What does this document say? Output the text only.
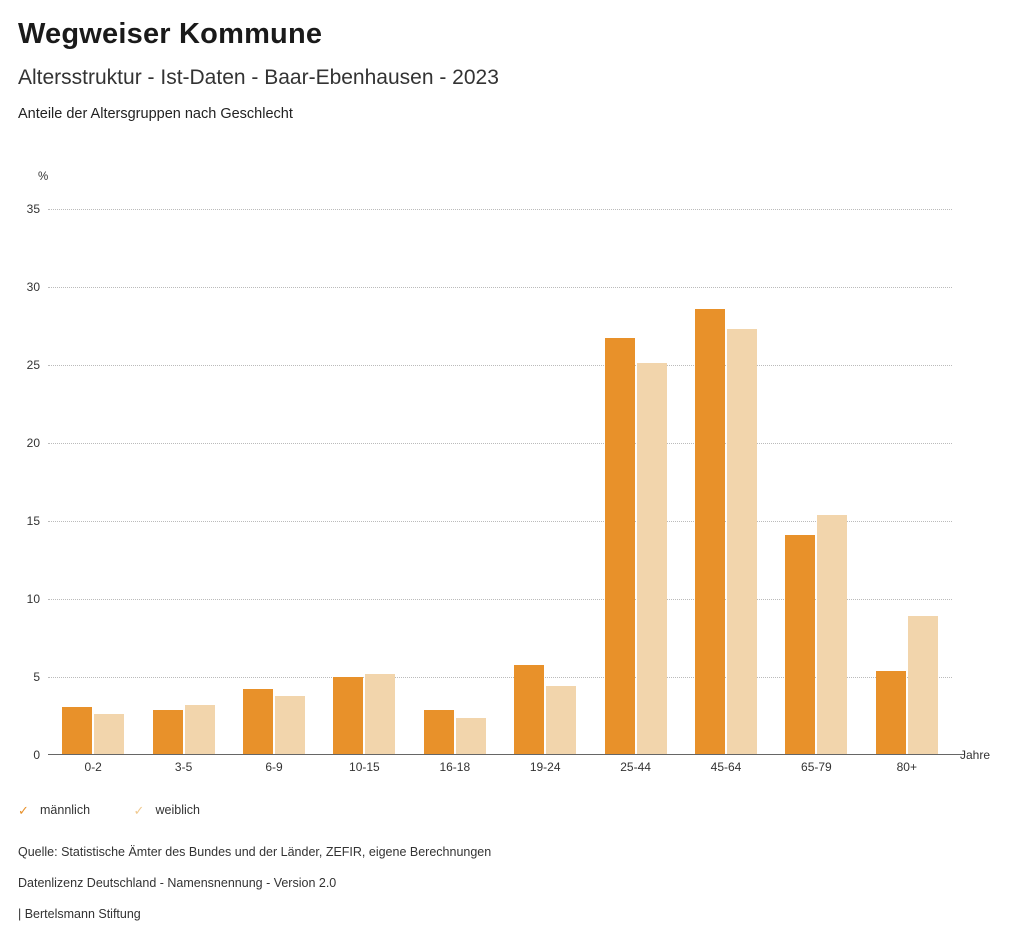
Wegweiser Kommune
Altersstruktur - Ist-Daten - Baar-Ebenhausen - 2023
Anteile der Altersgruppen nach Geschlecht
%
0
5
10
15
20
25
30
35
0-2	3-5	6-9	10-15	16-18	19-24	25-44	45-64	65-79	80+
Jahre
✓ männlich	✓ weiblich
Quelle: Statistische Ämter des Bundes und der Länder, ZEFIR, eigene Berechnungen
Datenlizenz Deutschland - Namensnennung - Version 2.0
| Bertelsmann Stiftung
